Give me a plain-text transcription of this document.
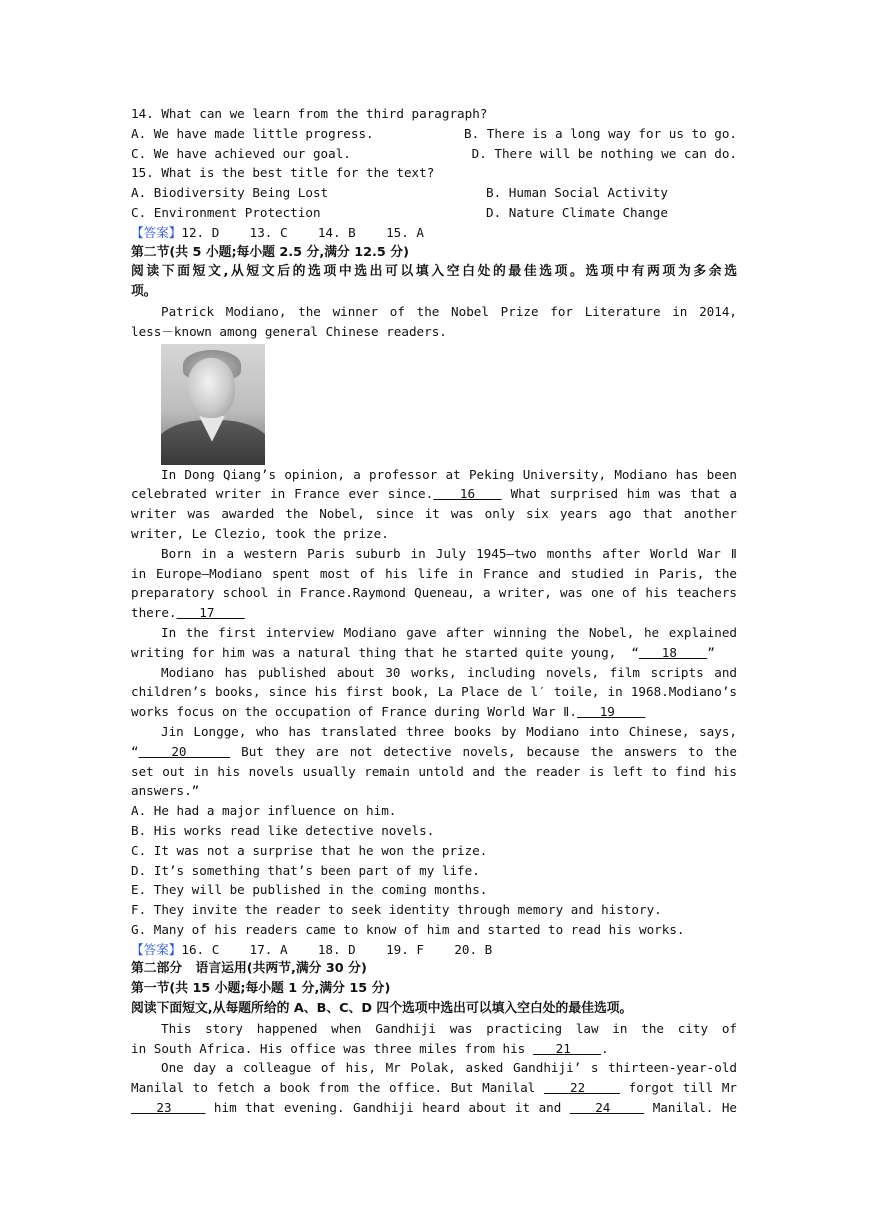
14. What can we learn from the third paragraph?
A. We have made little progress.	B. There is a long way for us to go.
C. We have achieved our goal.	D. There will be nothing we can do.
15. What is the best title for the text?
A. Biodiversity Being Lost	B. Human Social Activity
C. Environment Protection	D. Nature Climate Change
【答案】12. D    13. C    14. B    15. A
第二节(共 5 小题;每小题 2.5 分,满分 12.5 分)
阅读下面短文,从短文后的选项中选出可以填入空白处的最佳选项。选项中有两项为多余选
项。
Patrick Modiano, the winner of the Nobel Prize for Literature in 2014,
less－known among general Chinese readers.
In Dong Qiang’s opinion, a professor at Peking University, Modiano has been
celebrated writer in France ever since.   16    What surprised him was that a
writer was awarded the Nobel, since it was only six years ago that another
writer, Le Clezio, took the prize.
Born in a western Paris suburb in July 1945—two months after World War Ⅱ
in Europe—Modiano spent most of his life in France and studied in Paris, the
preparatory school in France.Raymond Queneau, a writer, was one of his teachers
there.   17
In the first interview Modiano gave after winning the Nobel, he explained
writing for him was a natural thing that he started quite young,  “   18    ”
Modiano has published about 30 works, including novels, film scripts and
children’s books, since his first book, La Place de l′ toile, in 1968.Modiano’s
works focus on the occupation of France during World War Ⅱ.   19
Jin Longge, who has translated three books by Modiano into Chinese, says,
“   20     But they are not detective novels, because the answers to the
set out in his novels usually remain untold and the reader is left to find his
answers.”
A. He had a major influence on him.
B. His works read like detective novels.
C. It was not a surprise that he won the prize.
D. It’s something that’s been part of my life.
E. They will be published in the coming months.
F. They invite the reader to seek identity through memory and history.
G. Many of his readers came to know of him and started to read his works.
【答案】16. C    17. A    18. D    19. F    20. B
第二部分   语言运用(共两节,满分 30 分)
第一节(共 15 小题;每小题 1 分,满分 15 分)
阅读下面短文,从每题所给的 A、B、C、D 四个选项中选出可以填入空白处的最佳选项。
This story happened when Gandhiji was practicing law in the city of
in South Africa. His office was three miles from his    21    .
One day a colleague of his, Mr Polak, asked Gandhiji’ s thirteen-year-old
Manilal to fetch a book from the office. But Manilal    22     forgot till Mr
23     him that evening. Gandhiji heard about it and    24     Manilal. He
